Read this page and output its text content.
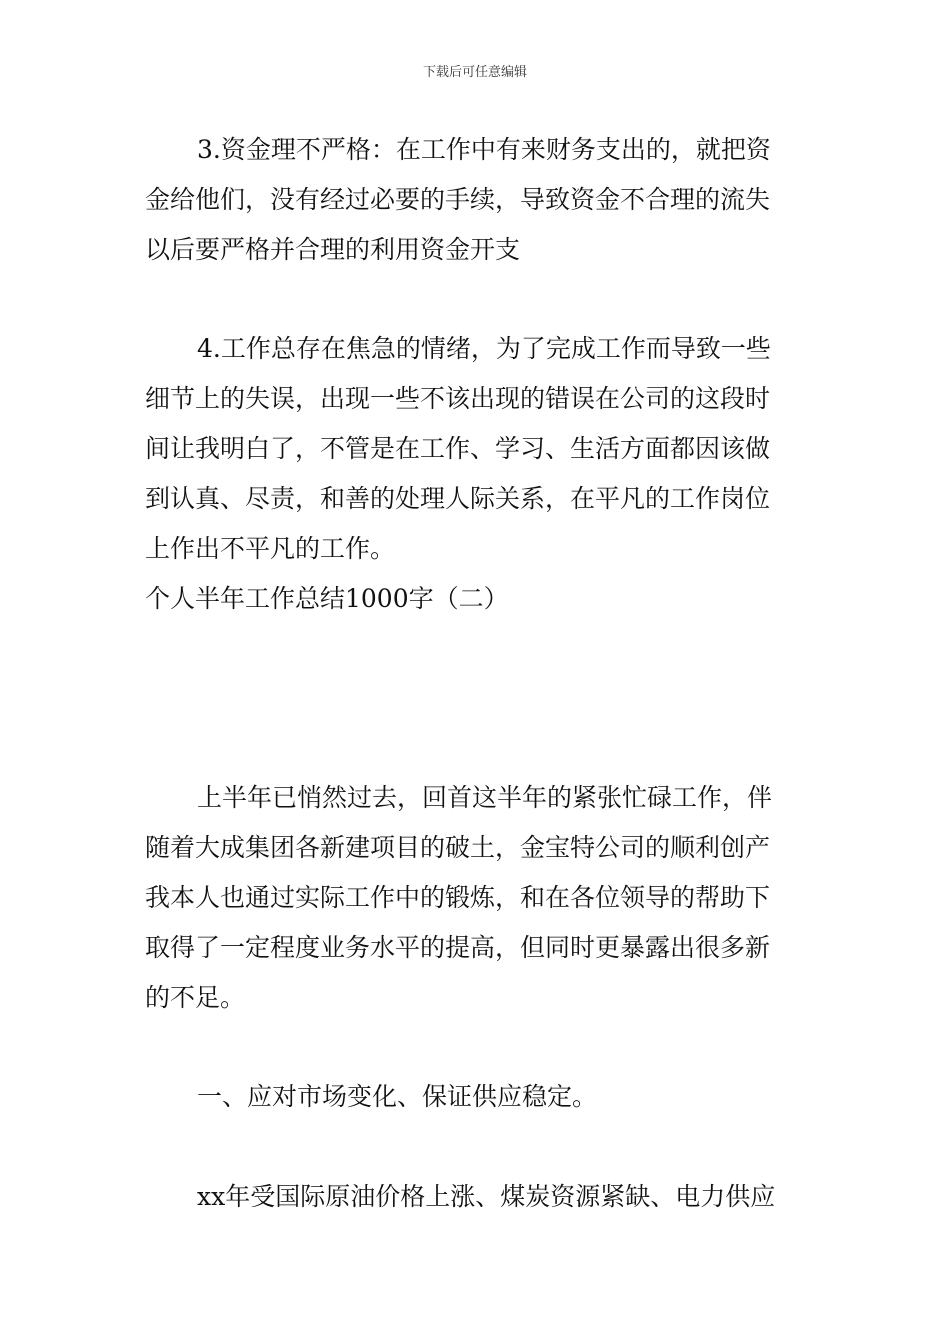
下载后可任意编辑
3.资金理不严格：在工作中有来财务支出的，就把资
金给他们，没有经过必要的手续，导致资金不合理的流失
以后要严格并合理的利用资金开支
4.工作总存在焦急的情绪，为了完成工作而导致一些
细节上的失误，出现一些不该出现的错误在公司的这段时
间让我明白了，不管是在工作、学习、生活方面都因该做
到认真、尽责，和善的处理人际关系，在平凡的工作岗位
上作出不平凡的工作。
个人半年工作总结1000字（二）
上半年已悄然过去，回首这半年的紧张忙碌工作，伴
随着大成集团各新建项目的破土，金宝特公司的顺利创产
我本人也通过实际工作中的锻炼，和在各位领导的帮助下
取得了一定程度业务水平的提高，但同时更暴露出很多新
的不足。
一、应对市场变化、保证供应稳定。
xx年受国际原油价格上涨、煤炭资源紧缺、电力供应
